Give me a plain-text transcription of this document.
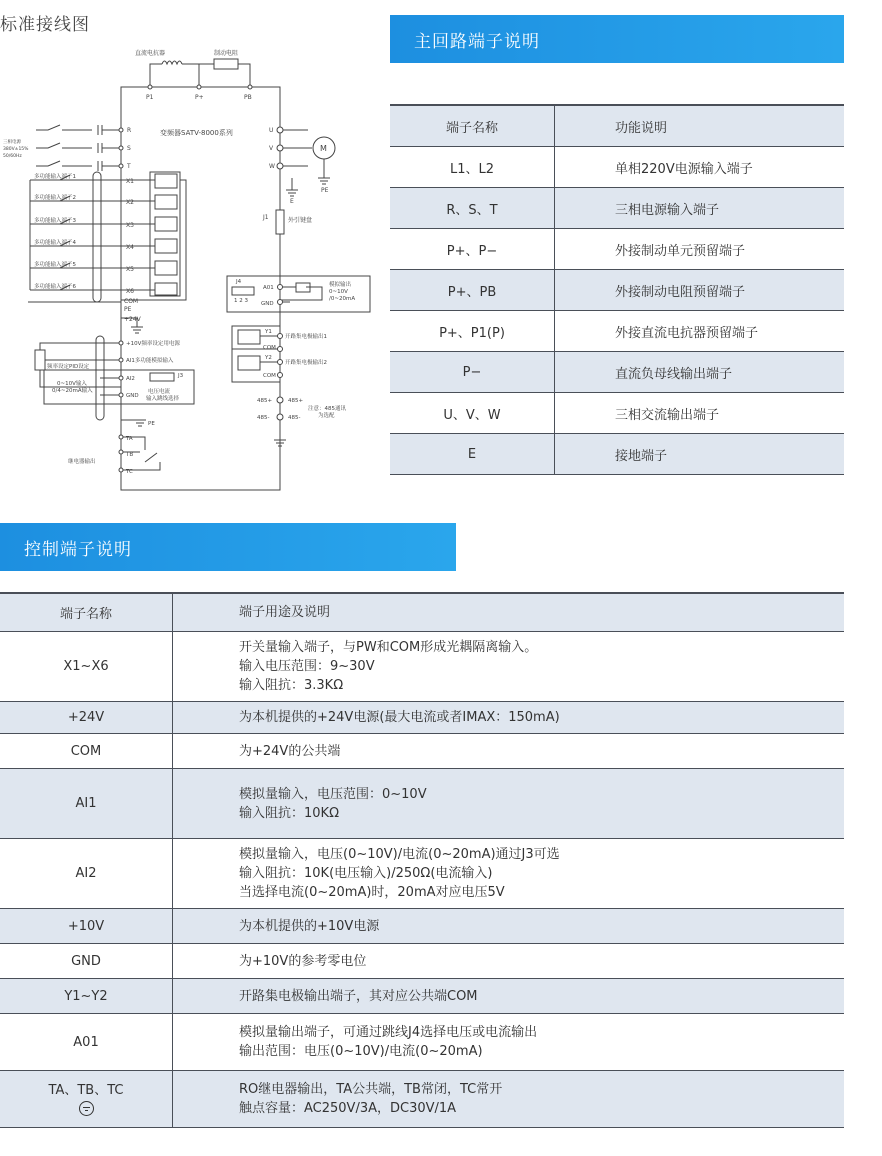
标准接线图
直流电抗器	制动电阻
P1	P+	PB
变频器SATV-8000系列
三相电源
380V±15%
50/60Hz
R
S
T
多功能输入端子1
多功能输入端子2
多功能输入端子3
多功能输入端子4
多功能输入端子5
多功能输入端子6
X1
X2
X3
X4
X5
X6
COM
PE
+24V
U
V
W
M
PE
E
J1	外引键盘
J4
1 2 3
A01
GND
模拟输出
0~10V
/0~20mA
Y1
COM
Y2
COM
开路集电极输出1
开路集电极输出2
+10V频率设定用电源
AI1多功能模拟输入
频率设定PID设定
0~10V输入
0/4~20mA输入
AI2
GND
J3
电压电流
输入跳线选择
PE
485+	485+
485-	485-
注意：485通讯
为选配
TA
TB
TC
继电器输出
主回路端子说明
端子名称	功能说明
L1、L2	单相220V电源输入端子
R、S、T	三相电源输入端子
P+、P−	外接制动单元预留端子
P+、PB	外接制动电阻预留端子
P+、P1(P)	外接直流电抗器预留端子
P−	直流负母线输出端子
U、V、W	三相交流输出端子
E	接地端子
控制端子说明
端子名称	端子用途及说明

X1~X6	开关量输入端子，与PW和COM形成光耦隔离输入。
输入电压范围：9~30V
输入阻抗：3.3KΩ

+24V	为本机提供的+24V电源(最大电流或者IMAX：150mA)

COM	为+24V的公共端

AI1	模拟量输入，电压范围：0~10V
输入阻抗：10KΩ

AI2	模拟量输入，电压(0~10V)/电流(0~20mA)通过J3可选
输入阻抗：10K(电压输入)/250Ω(电流输入)
当选择电流(0~20mA)时，20mA对应电压5V

+10V	为本机提供的+10V电源

GND	为+10V的参考零电位

Y1~Y2	开路集电极输出端子，其对应公共端COM

A01	模拟量输出端子，可通过跳线J4选择电压或电流输出
输出范围：电压(0~10V)/电流(0~20mA)

TA、TB、TC	RO继电器输出，TA公共端，TB常闭，TC常开
触点容量：AC250V/3A，DC30V/1A
